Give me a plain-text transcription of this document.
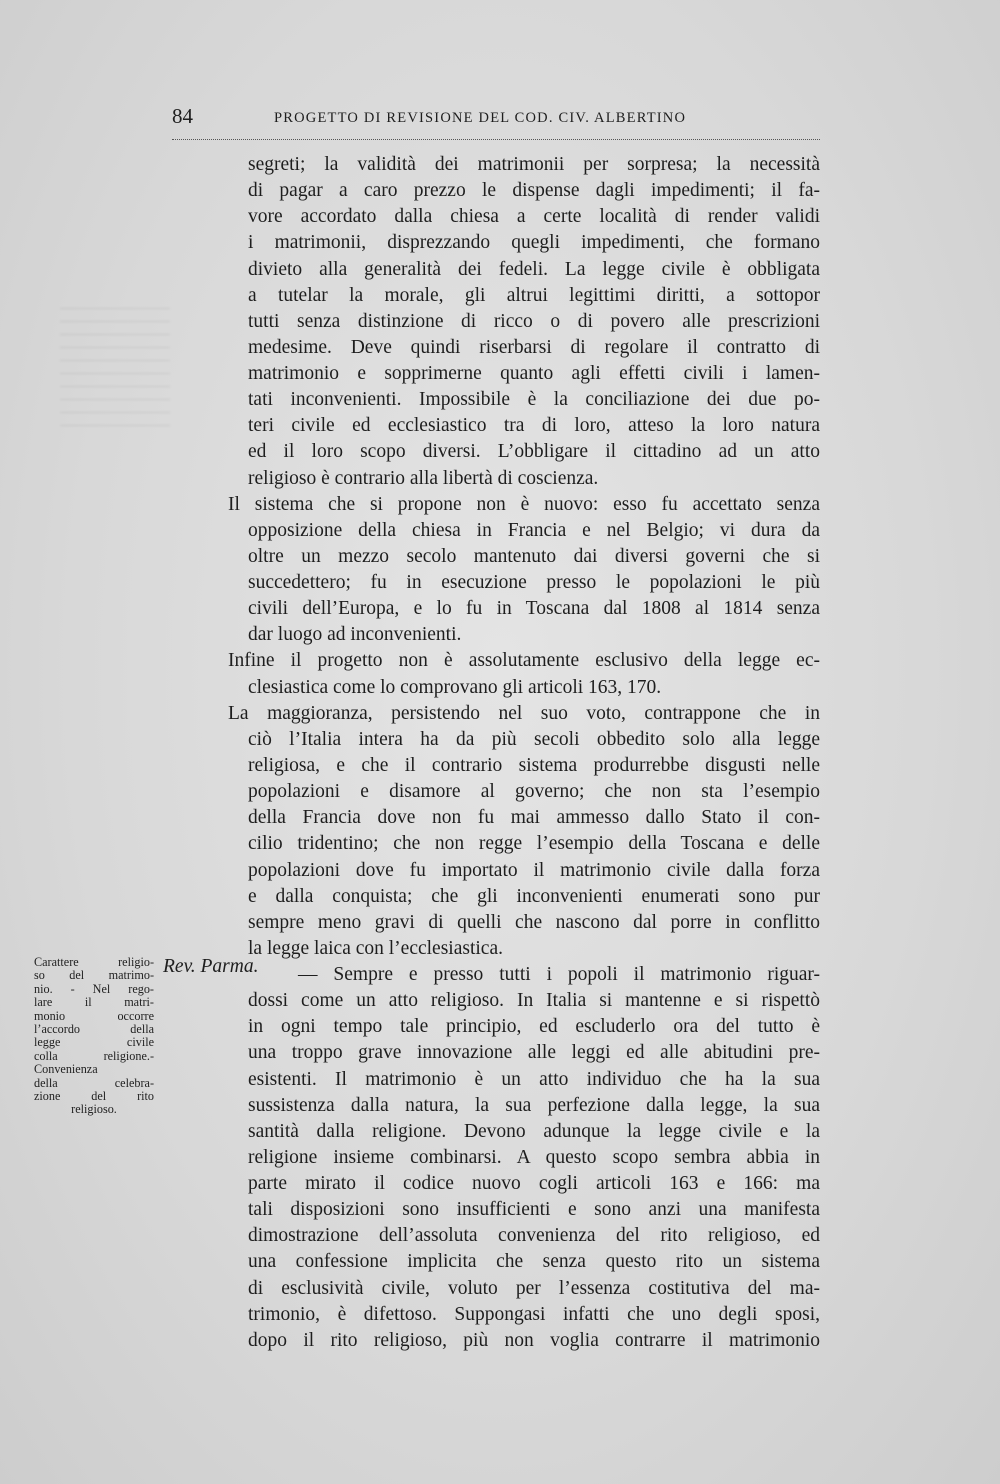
84	PROGETTO DI REVISIONE DEL COD. CIV. ALBERTINO
segreti; la validità dei matrimonii per sorpresa; la necessità
di pagar a caro prezzo le dispense dagli impedimenti; il fa-
vore accordato dalla chiesa a certe località di render validi
i matrimonii, disprezzando quegli impedimenti, che formano
divieto alla generalità dei fedeli. La legge civile è obbligata
a tutelar la morale, gli altrui legittimi diritti, a sottopor
tutti senza distinzione di ricco o di povero alle prescrizioni
medesime. Deve quindi riserbarsi di regolare il contratto di
matrimonio e sopprimerne quanto agli effetti civili i lamen-
tati inconvenienti. Impossibile è la conciliazione dei due po-
teri civile ed ecclesiastico tra di loro, atteso la loro natura
ed il loro scopo diversi. L’obbligare il cittadino ad un atto
religioso è contrario alla libertà di coscienza.
Il sistema che si propone non è nuovo: esso fu accettato senza
opposizione della chiesa in Francia e nel Belgio; vi dura da
oltre un mezzo secolo mantenuto dai diversi governi che si
succedettero; fu in esecuzione presso le popolazioni le più
civili dell’Europa, e lo fu in Toscana dal 1808 al 1814 senza
dar luogo ad inconvenienti.
Infine il progetto non è assolutamente esclusivo della legge ec-
clesiastica come lo comprovano gli articoli 163, 170.
La maggioranza, persistendo nel suo voto, contrappone che in
ciò l’Italia intera ha da più secoli obbedito solo alla legge
religiosa, e che il contrario sistema produrrebbe disgusti nelle
popolazioni e disamore al governo; che non sta l’esempio
della Francia dove non fu mai ammesso dallo Stato il con-
cilio tridentino; che non regge l’esempio della Toscana e delle
popolazioni dove fu importato il matrimonio civile dalla forza
e dalla conquista; che gli inconvenienti enumerati sono pur
sempre meno gravi di quelli che nascono dal porre in conflitto
la legge laica con l’ecclesiastica.
— Sempre e presso tutti i popoli il matrimonio riguar-
dossi come un atto religioso. In Italia si mantenne e si rispettò
in ogni tempo tale principio, ed escluderlo ora del tutto è
una troppo grave innovazione alle leggi ed alle abitudini pre-
esistenti. Il matrimonio è un atto individuo che ha la sua
sussistenza dalla natura, la sua perfezione dalla legge, la sua
santità dalla religione. Devono adunque la legge civile e la
religione insieme combinarsi. A questo scopo sembra abbia in
parte mirato il codice nuovo cogli articoli 163 e 166: ma
tali disposizioni sono insufficienti e sono anzi una manifesta
dimostrazione dell’assoluta convenienza del rito religioso, ed
una confessione implicita che senza questo rito un sistema
di esclusività civile, voluto per l’essenza costitutiva del ma-
trimonio, è difettoso. Suppongasi infatti che uno degli sposi,
dopo il rito religioso, più non voglia contrarre il matrimonio
Rev. Parma.
Carattere religio-
so del matrimo-
nio. - Nel rego-
lare il matri-
monio occorre
l’accordo della
legge civile
colla religione.-
Convenienza
della celebra-
zione del rito
religioso.
